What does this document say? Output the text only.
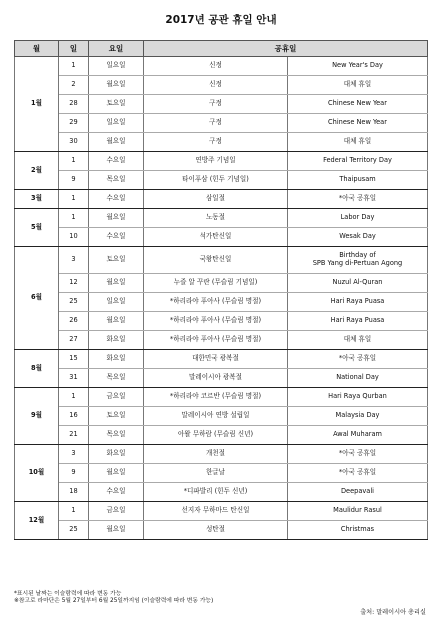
2017년 공관 휴일 안내
월	일	요일	공휴일	
1월	1	일요일	신정	New Year's Day
	2	월요일	신정	대체 휴일
	28	토요일	구정	Chinese New Year
	29	일요일	구정	Chinese New Year
	30	월요일	구정	대체 휴일
2월	1	수요일	연방주 기념일	Federal Territory Day
	9	목요일	타이푸삼 (힌두 기념일)	Thaipusam
3월	1	수요일	삼일절	*아국 공휴일
5월	1	월요일	노동절	Labor Day
	10	수요일	석가탄신일	Wesak Day
6월	3	토요일	국왕탄신일	Birthday of
SPB Yang di-Pertuan Agong

	12	월요일	누즐 알 꾸란 (무슬림 기념일)	Nuzul Al-Quran
	25	일요일	*하리라야 푸아사 (무슬림 명절)	Hari Raya Puasa
	26	월요일	*하리라야 푸아사 (무슬림 명절)	Hari Raya Puasa
	27	화요일	*하리라야 푸아사 (무슬림 명절)	대체 휴일
8월	15	화요일	대한민국 광복절	*아국 공휴일
	31	목요일	말레이시아 광복절	National Day
9월	1	금요일	*하리라야 코르반 (무슬림 명절)	Hari Raya Qurban
	16	토요일	말레이시아 연방 설립일	Malaysia Day
	21	목요일	아왈 무하람 (무슬림 신년)	Awal Muharam
10월	3	화요일	개천절	*아국 공휴일
	9	월요일	한글날	*아국 공휴일
	18	수요일	*디파발리 (힌두 신년)	Deepavali
12월	1	금요일	선지자 무하마드 탄신일	Maulidur Rasul
	25	월요일	성탄절	Christmas
*표시된 날짜는 이슬람력에 따라 변동 가능
※참고로 라마단은 5월 27일부터 6월 25일까지임 (이슬람력에 따라 변동 가능)
출처: 말레이시아 총리실
